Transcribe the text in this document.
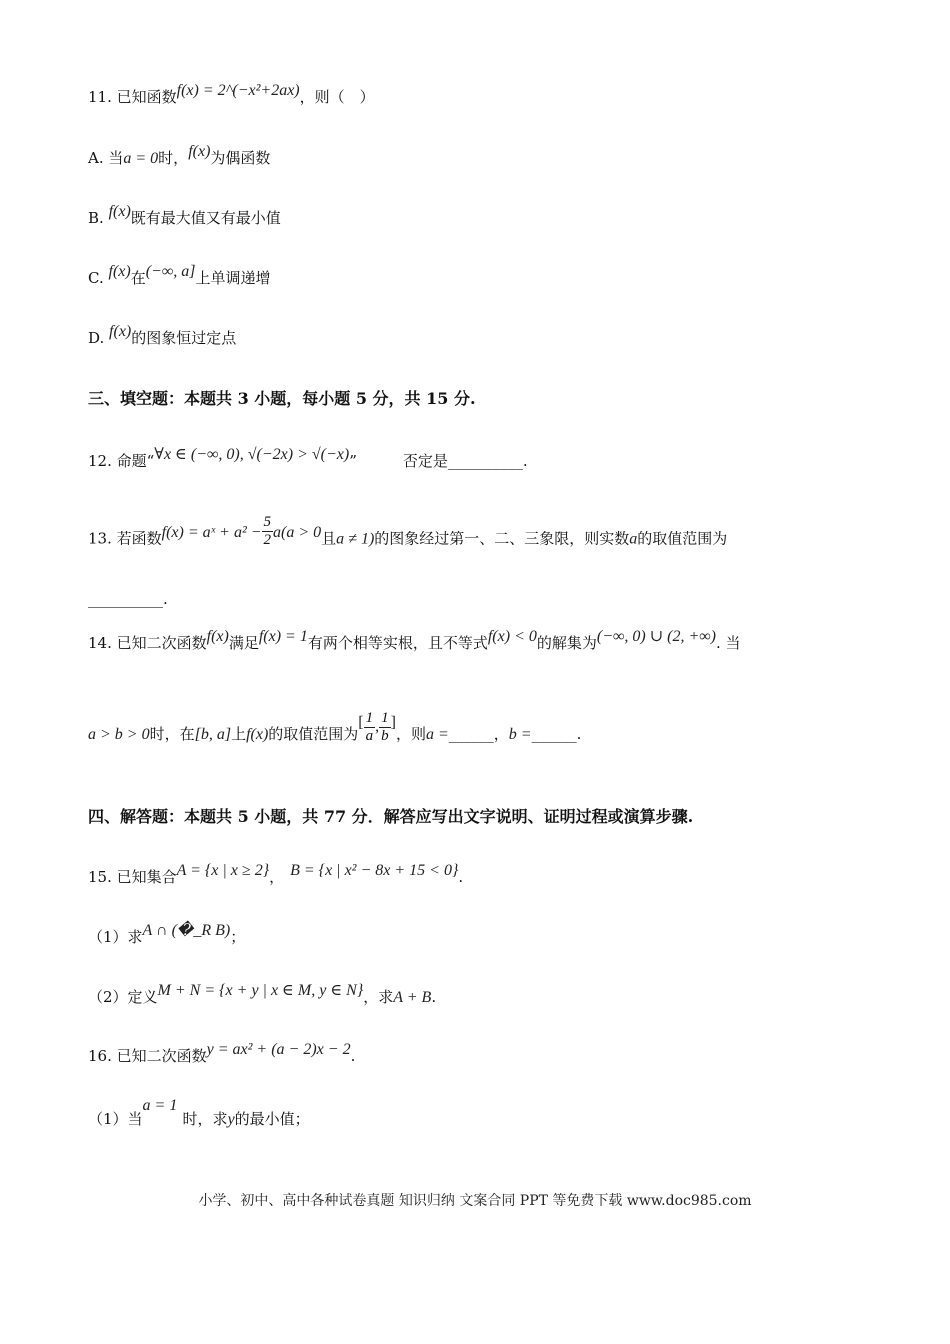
11. 已知函数f(x) = 2^(−x²+2ax)，则（　）
A. 当a = 0时，f(x)为偶函数
B. f(x)既有最大值又有最小值
C. f(x)在(−∞, a]上单调递增
D. f(x)的图象恒过定点
三、填空题：本题共 3 小题，每小题 5 分，共 15 分.
12. 命题“∀x ∈ (−∞, 0), √(−2x) > √(−x)”	否定是__________.
13. 若函数f(x) = aˣ + $a^2 - \frac{5}{2} a(a > 0$且a ≠ 1)的图象经过第一、二、三象限，则实数a的取值范围为
__________.
14. 已知二次函数f(x)满足f(x) = 1有两个相等实根，且不等式f(x) < 0的解集为(−∞, 0) ∪ (2, +∞). 当
a > b > 0时，在[b, a]上f(x)的取值范围为[ $\frac{1}{a}$ , $\frac{1}{b}$ ]，则a =______，b =______.
四、解答题：本题共 5 小题，共 77 分．解答应写出文字说明、证明过程或演算步骤.
15. 已知集合A = {x | x ≥ 2}， B = {x | x² − 8x + 15 < 0}.
（1）求A ∩ (�_R B)；
（2）定义M + N = {x + y | x ∈ M, y ∈ N}，求A + B.
16. 已知二次函数y = ax² + (a − 2)x − 2.
（1）当a = 1时，求y的最小值；
小学、初中、高中各种试卷真题 知识归纳 文案合同 PPT 等免费下载 www.doc985.com
